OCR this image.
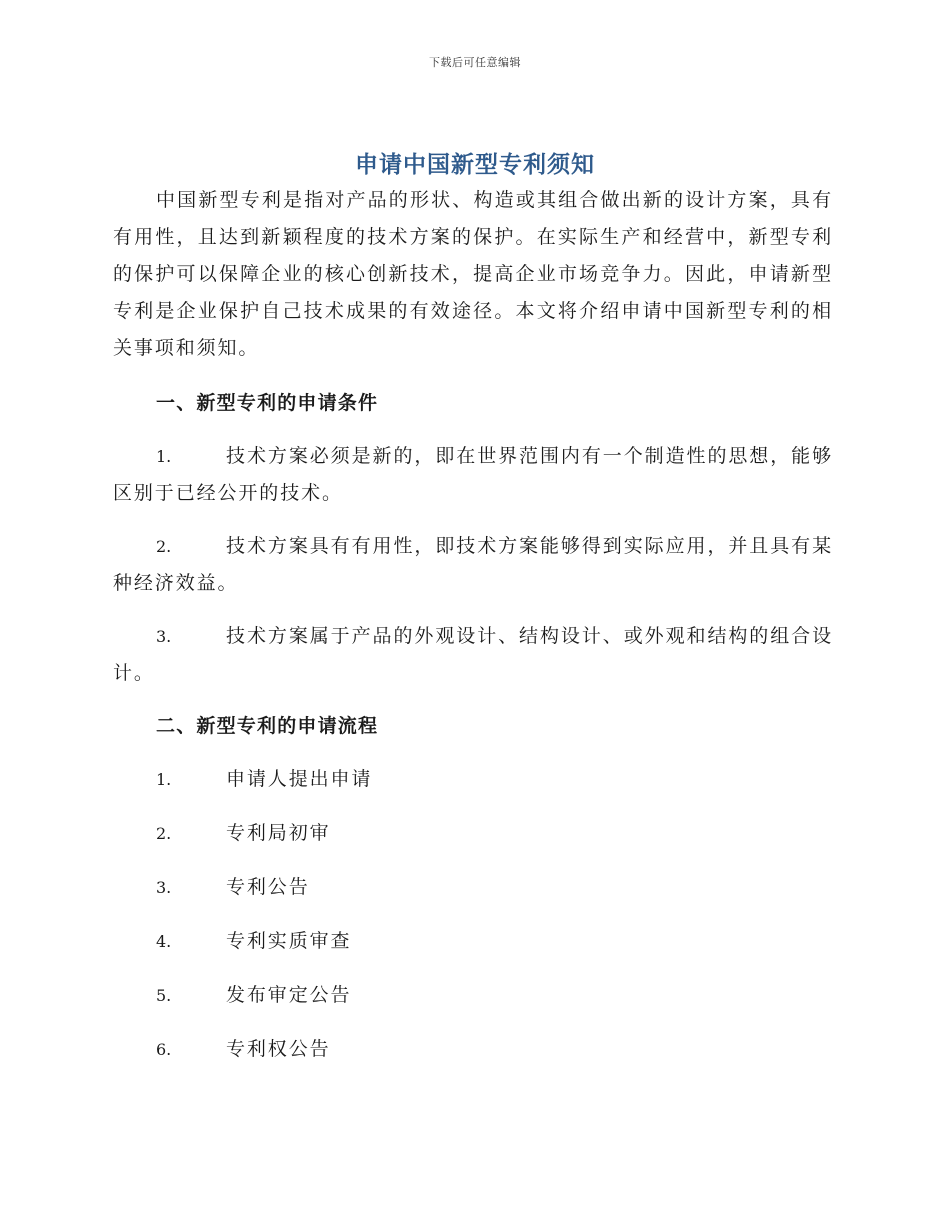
下载后可任意编辑
申请中国新型专利须知

中国新型专利是指对产品的形状、构造或其组合做出新的设计方案，具有有用性，且达到新颖程度的技术方案的保护。在实际生产和经营中，新型专利的保护可以保障企业的核心创新技术，提高企业市场竞争力。因此，申请新型专利是企业保护自己技术成果的有效途径。本文将介绍申请中国新型专利的相关事项和须知。

一、新型专利的申请条件

1.	技术方案必须是新的，即在世界范围内有一个制造性的思想，能够区别于已经公开的技术。

2.	技术方案具有有用性，即技术方案能够得到实际应用，并且具有某种经济效益。

3.	技术方案属于产品的外观设计、结构设计、或外观和结构的组合设计。

二、新型专利的申请流程
1.	申请人提出申请
2.	专利局初审
3.	专利公告
4.	专利实质审查
5.	发布审定公告
6.	专利权公告
